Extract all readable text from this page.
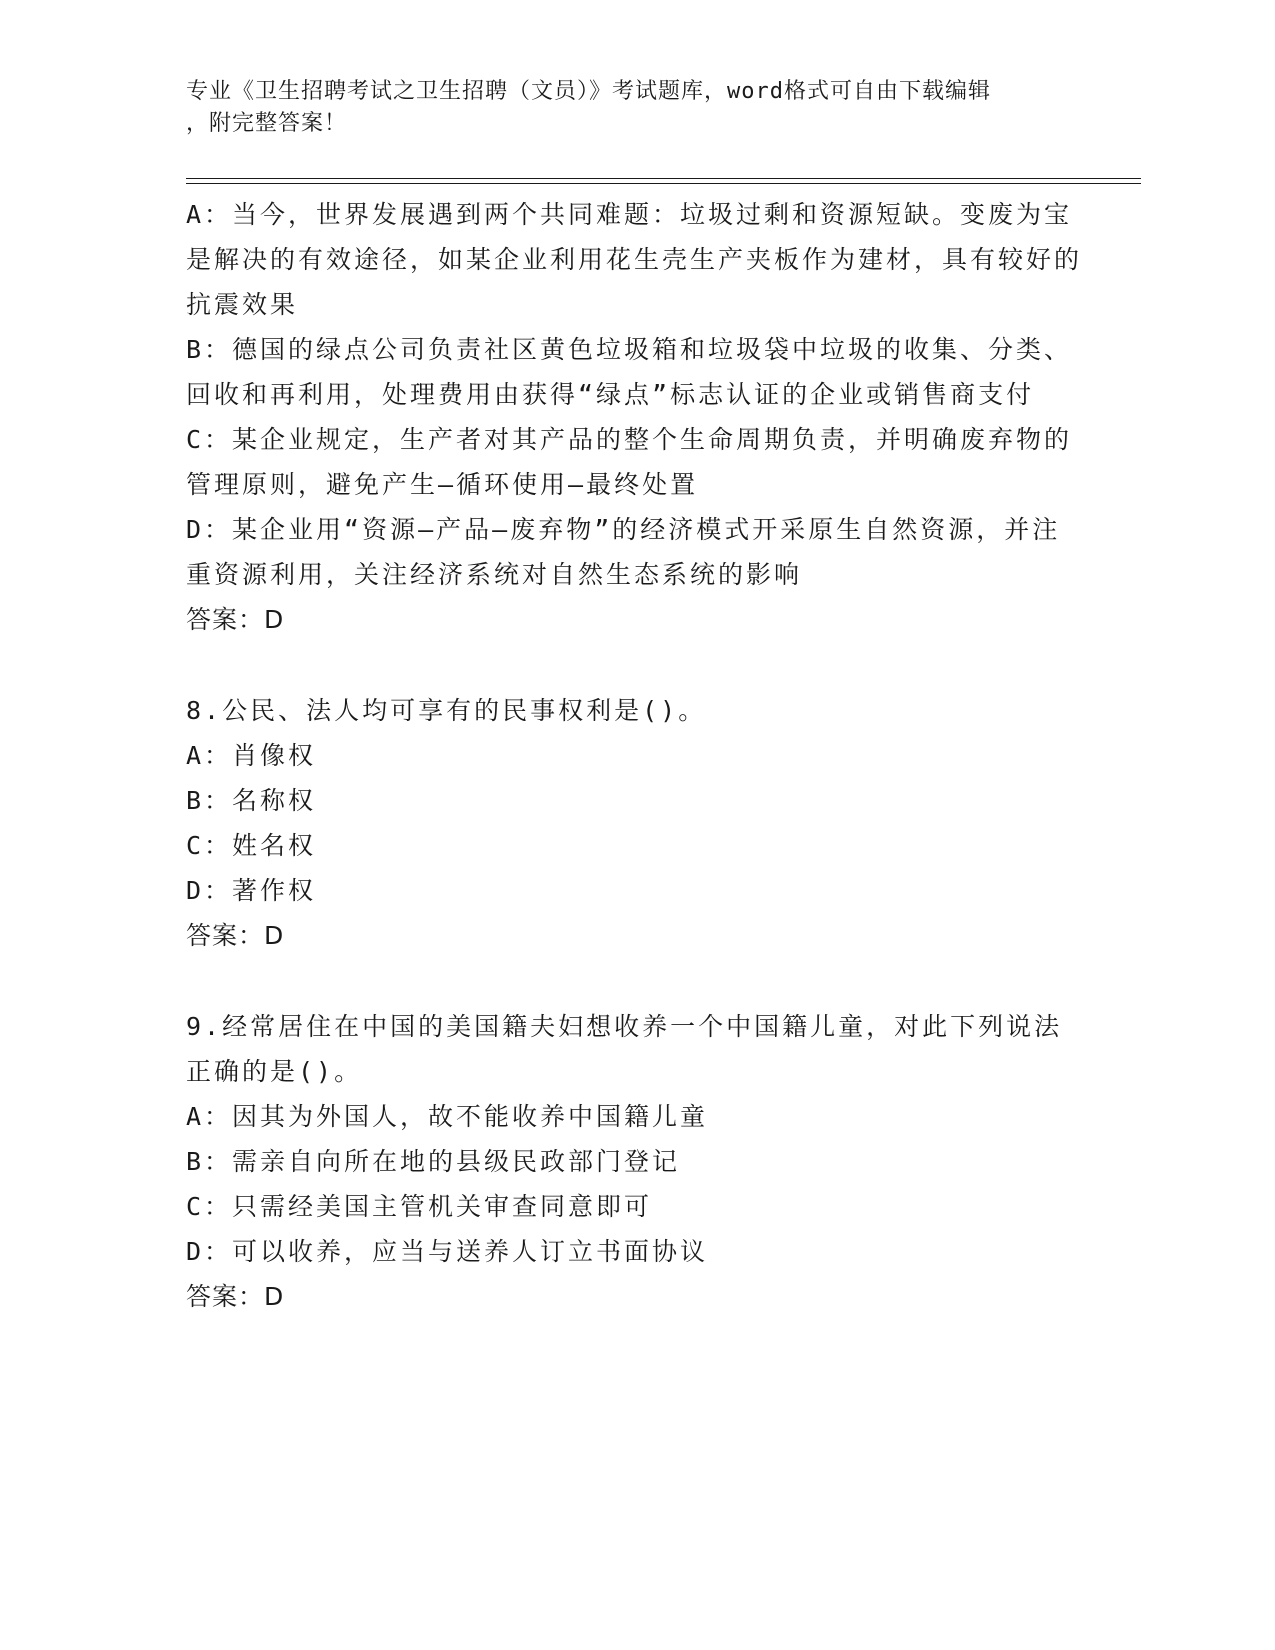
专业《卫生招聘考试之卫生招聘（文员）》考试题库，word格式可自由下载编辑
，附完整答案！
A：当今，世界发展遇到两个共同难题：垃圾过剩和资源短缺。变废为宝是解决的有效途径，如某企业利用花生壳生产夹板作为建材，具有较好的抗震效果
B：德国的绿点公司负责社区黄色垃圾箱和垃圾袋中垃圾的收集、分类、回收和再利用，处理费用由获得“绿点”标志认证的企业或销售商支付
C：某企业规定，生产者对其产品的整个生命周期负责，并明确废弃物的管理原则，避免产生—循环使用—最终处置
D：某企业用“资源—产品—废弃物”的经济模式开采原生自然资源，并注重资源利用，关注经济系统对自然生态系统的影响
答案：D
8.公民、法人均可享有的民事权利是()。
A：肖像权
B：名称权
C：姓名权
D：著作权
答案：D
9.经常居住在中国的美国籍夫妇想收养一个中国籍儿童，对此下列说法正确的是()。
A：因其为外国人，故不能收养中国籍儿童
B：需亲自向所在地的县级民政部门登记
C：只需经美国主管机关审查同意即可
D：可以收养，应当与送养人订立书面协议
答案：D
